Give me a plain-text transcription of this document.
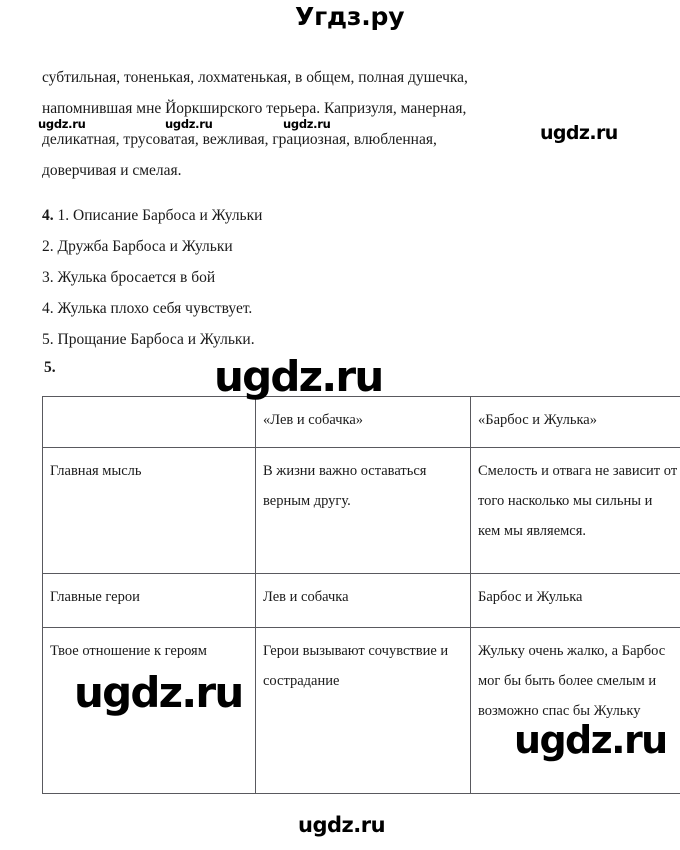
Угдз.ру

субтильная, тоненькая, лохматенькая, в общем, полная душечка,

напомнившая мне Йоркширского терьера. Капризуля, манерная,

деликатная, трусоватая, вежливая, грациозная, влюбленная,

доверчивая и смелая.

4. 1. Описание Барбоса и Жульки
2. Дружба Барбоса и Жульки
3. Жулька бросается в бой
4. Жулька плохо себя чувствует.
5. Прощание Барбоса и Жульки.
5.
	«Лев и собачка»	«Барбос и Жулька»
Главная мысль	В жизни важно оставаться верным другу.	Смелость и отвага не зависит от того насколько мы сильны и кем мы являемся.
Главные герои	Лев и собачка	Барбос и Жулька
Твое отношение к героям	Герои вызывают сочувствие и сострадание	Жульку очень жалко, а Барбос мог бы быть более смелым и возможно спас бы Жульку
ugdz.ru	ugdz.ru	ugdz.ru	ugdz.ru
ugdz.ru
ugdz.ru
ugdz.ru
ugdz.ru
